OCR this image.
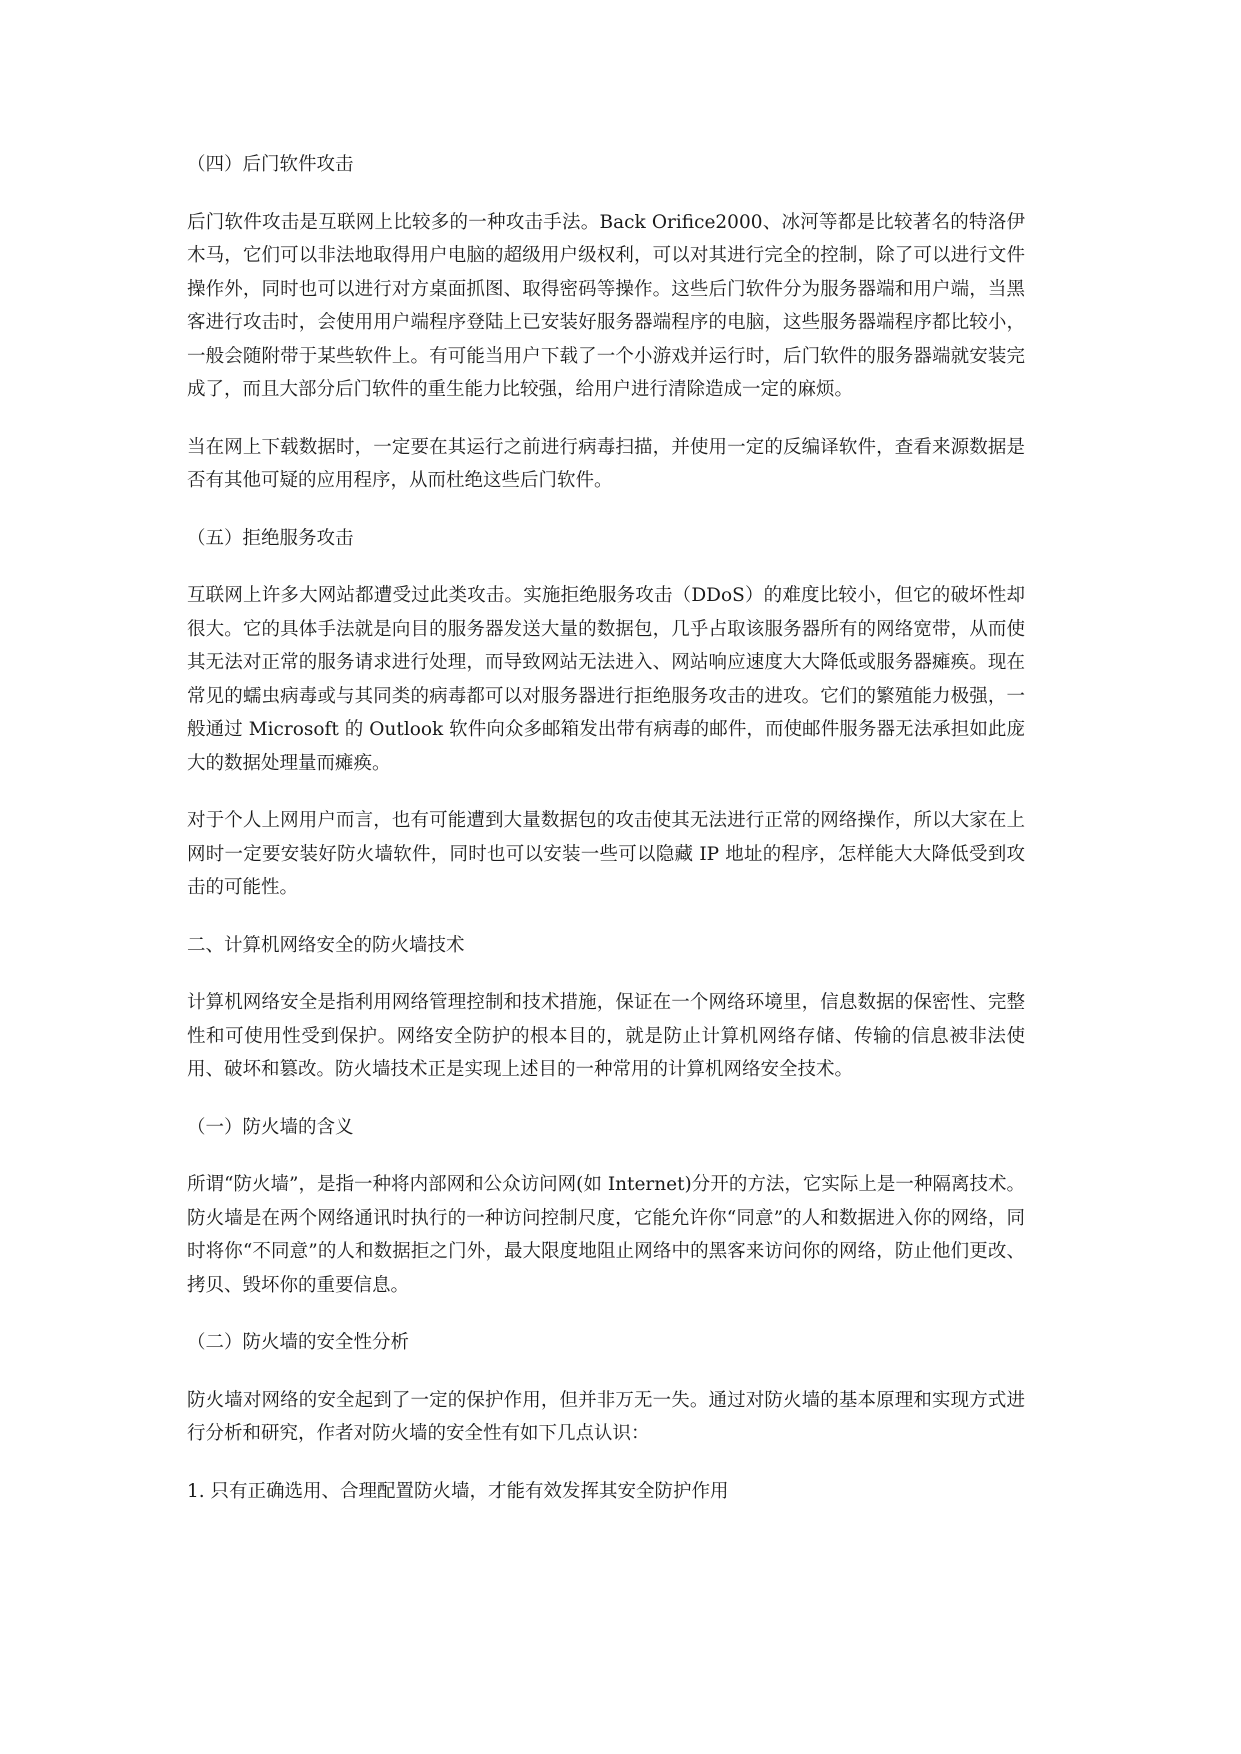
（四）后门软件攻击

后门软件攻击是互联网上比较多的一种攻击手法。Back Orifice2000、冰河等都是比较著名的特洛伊木马，它们可以非法地取得用户电脑的超级用户级权利，可以对其进行完全的控制，除了可以进行文件操作外，同时也可以进行对方桌面抓图、取得密码等操作。这些后门软件分为服务器端和用户端，当黑客进行攻击时，会使用用户端程序登陆上已安装好服务器端程序的电脑，这些服务器端程序都比较小，一般会随附带于某些软件上。有可能当用户下载了一个小游戏并运行时，后门软件的服务器端就安装完成了，而且大部分后门软件的重生能力比较强，给用户进行清除造成一定的麻烦。

当在网上下载数据时，一定要在其运行之前进行病毒扫描，并使用一定的反编译软件，查看来源数据是否有其他可疑的应用程序，从而杜绝这些后门软件。

（五）拒绝服务攻击

互联网上许多大网站都遭受过此类攻击。实施拒绝服务攻击（DDoS）的难度比较小，但它的破坏性却很大。它的具体手法就是向目的服务器发送大量的数据包，几乎占取该服务器所有的网络宽带，从而使其无法对正常的服务请求进行处理，而导致网站无法进入、网站响应速度大大降低或服务器瘫痪。现在常见的蠕虫病毒或与其同类的病毒都可以对服务器进行拒绝服务攻击的进攻。它们的繁殖能力极强，一般通过 Microsoft 的 Outlook 软件向众多邮箱发出带有病毒的邮件，而使邮件服务器无法承担如此庞大的数据处理量而瘫痪。

对于个人上网用户而言，也有可能遭到大量数据包的攻击使其无法进行正常的网络操作，所以大家在上网时一定要安装好防火墙软件，同时也可以安装一些可以隐藏 IP 地址的程序，怎样能大大降低受到攻击的可能性。

二、计算机网络安全的防火墙技术

计算机网络安全是指利用网络管理控制和技术措施，保证在一个网络环境里，信息数据的保密性、完整性和可使用性受到保护。网络安全防护的根本目的，就是防止计算机网络存储、传输的信息被非法使用、破坏和篡改。防火墙技术正是实现上述目的一种常用的计算机网络安全技术。

（一）防火墙的含义

所谓“防火墙”，是指一种将内部网和公众访问网(如 Internet)分开的方法，它实际上是一种隔离技术。防火墙是在两个网络通讯时执行的一种访问控制尺度，它能允许你“同意”的人和数据进入你的网络，同时将你“不同意”的人和数据拒之门外，最大限度地阻止网络中的黑客来访问你的网络，防止他们更改、拷贝、毁坏你的重要信息。

（二）防火墙的安全性分析

防火墙对网络的安全起到了一定的保护作用，但并非万无一失。通过对防火墙的基本原理和实现方式进行分析和研究，作者对防火墙的安全性有如下几点认识：

1. 只有正确选用、合理配置防火墙，才能有效发挥其安全防护作用
